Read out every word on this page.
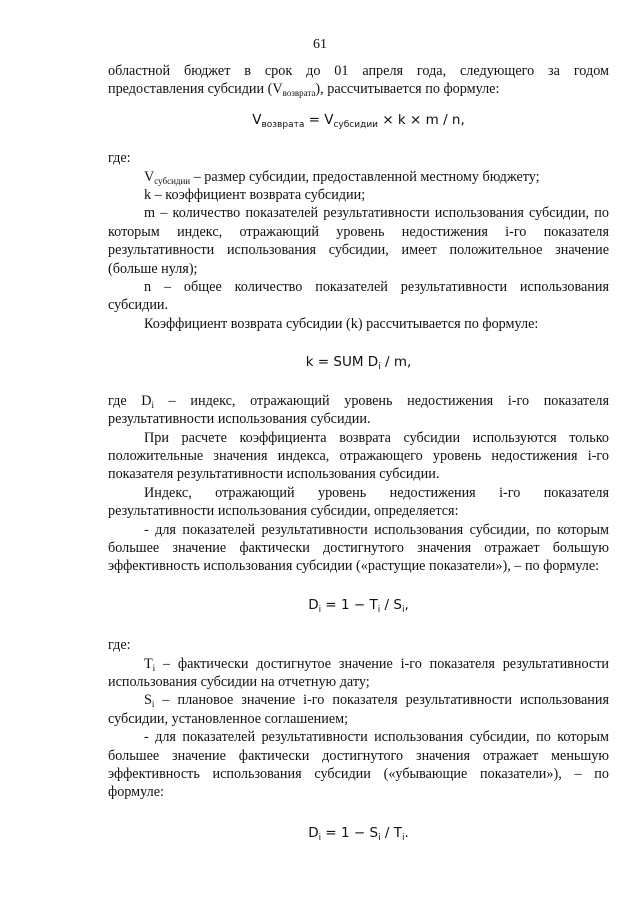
61

областной бюджет в срок до 01 апреля года, следующего за годом

предоставления субсидии $(V_{возврата})$, рассчитывается по формуле:

$V_{возврата} = V_{субсидии} \times k \times m / n$,

где:

$V_{субсидии}$ – размер субсидии, предоставленной местному бюджету;

k – коэффициент возврата субсидии;

m – количество показателей результативности использования субсидии, по которым индекс, отражающий уровень недостижения i-го показателя результативности использования субсидии, имеет положительное значение (больше нуля);

n – общее количество показателей результативности использования субсидии.

Коэффициент возврата субсидии (k) рассчитывается по формуле:

k = SUM $D_i$ / m,

где $D_i$ – индекс, отражающий уровень недостижения i-го показателя результативности использования субсидии.

При расчете коэффициента возврата субсидии используются только положительные значения индекса, отражающего уровень недостижения i-го показателя результативности использования субсидии.

Индекс, отражающий уровень недостижения i-го показателя результативности использования субсидии, определяется:

- для показателей результативности использования субсидии, по которым большее значение фактически достигнутого значения отражает большую эффективность использования субсидии («растущие показатели»), – по формуле:

$D_i = 1 - T_i / S_i$,

где:

$T_i$ – фактически достигнутое значение i-го показателя результативности использования субсидии на отчетную дату;

$S_i$ – плановое значение i-го показателя результативности использования субсидии, установленное соглашением;

- для показателей результативности использования субсидии, по которым большее значение фактически достигнутого значения отражает меньшую эффективность использования субсидии («убывающие показатели»), – по формуле:

$D_i = 1 - S_i / T_i$.
